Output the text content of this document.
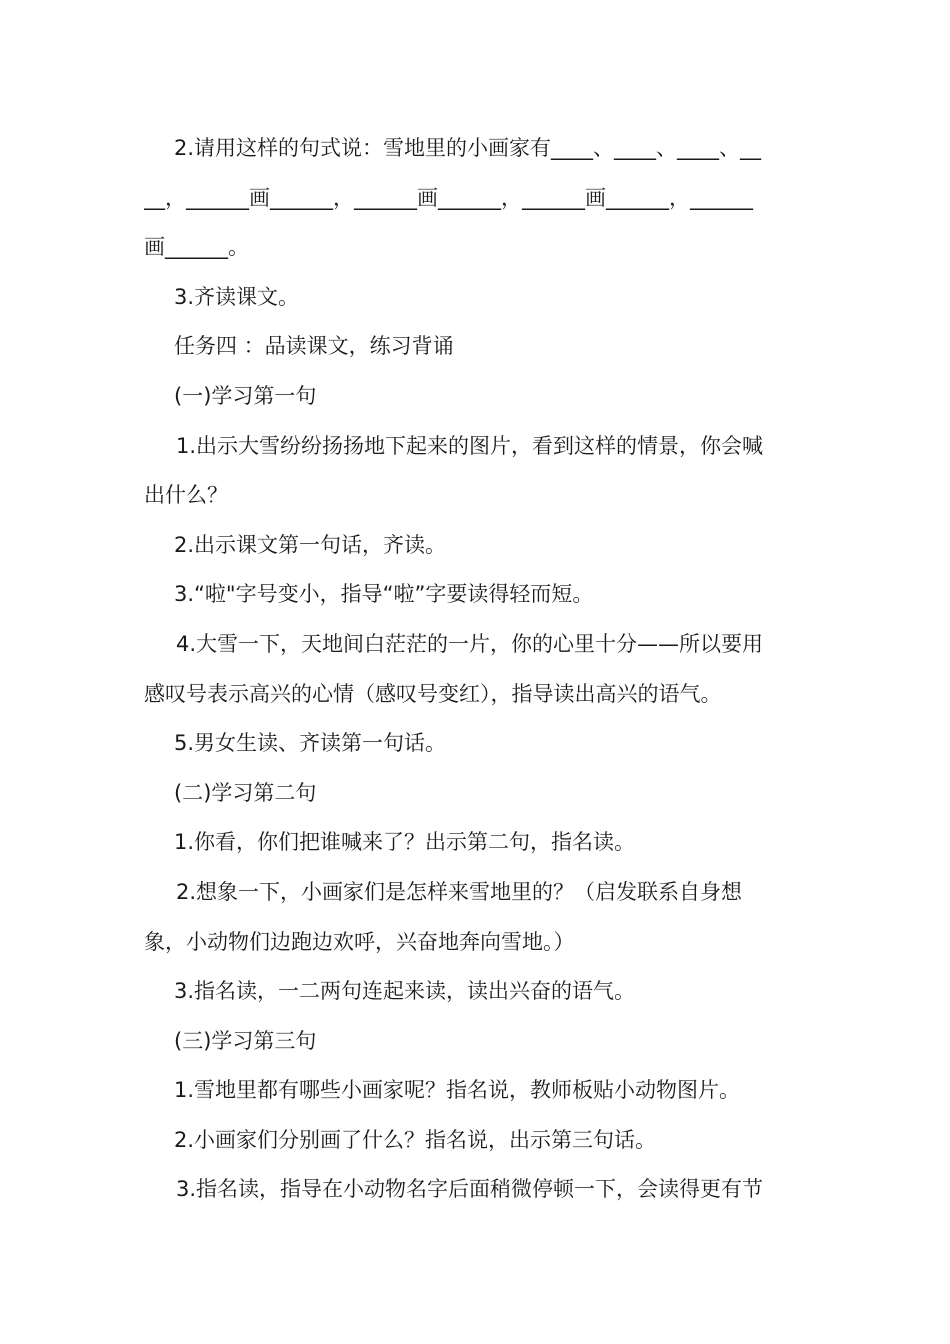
2.请用这样的句式说：雪地里的小画家有____、____、____、__

__，______画______，______画______，______画______，______

画______。

3.齐读课文。

任务四 ：品读课文，练习背诵

(一)学习第一句

1.出示大雪纷纷扬扬地下起来的图片，看到这样的情景，你会喊

出什么？

2.出示课文第一句话，齐读。

3.“啦"字号变小，指导“啦”字要读得轻而短。

4.大雪一下，天地间白茫茫的一片，你的心里十分——所以要用

感叹号表示高兴的心情（感叹号变红），指导读出高兴的语气。

5.男女生读、齐读第一句话。

(二)学习第二句

1.你看，你们把谁喊来了？出示第二句，指名读。

2.想象一下，小画家们是怎样来雪地里的？（启发联系自身想

象，小动物们边跑边欢呼，兴奋地奔向雪地。）

3.指名读，一二两句连起来读，读出兴奋的语气。

(三)学习第三句

1.雪地里都有哪些小画家呢？指名说，教师板贴小动物图片。

2.小画家们分别画了什么？指名说，出示第三句话。

3.指名读，指导在小动物名字后面稍微停顿一下，会读得更有节
